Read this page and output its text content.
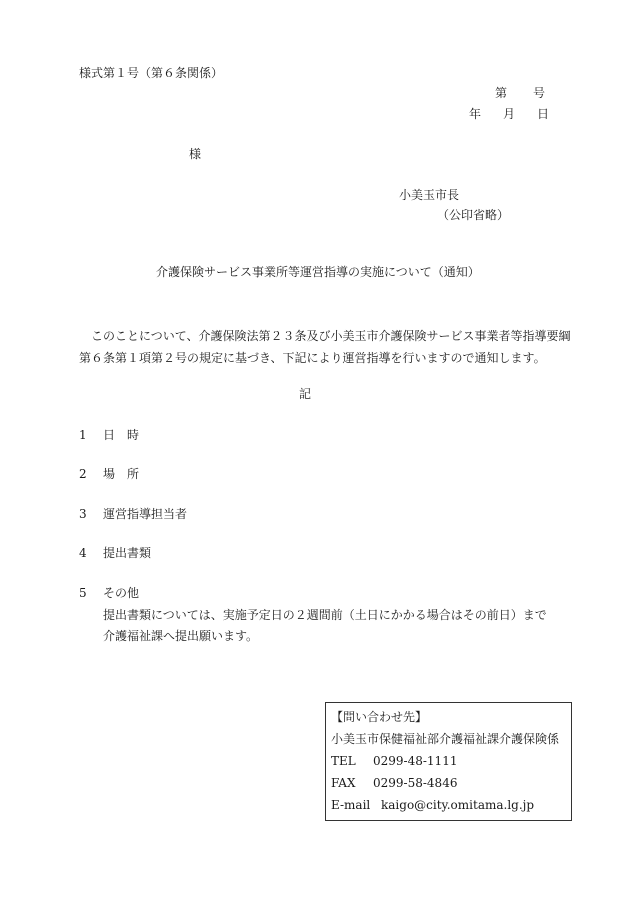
様式第１号（第６条関係）
第 号
年 月 日
様
小美玉市長
（公印省略）
介護保険サービス事業所等運営指導の実施について（通知）
このことについて、介護保険法第２３条及び小美玉市介護保険サービス事業者等指導要綱第６条第１項第２号の規定に基づき、下記により運営指導を行いますので通知します。
記
1 日時
2 場所
3 運営指導担当者
4 提出書類
5 その他
提出書類については、実施予定日の２週間前（土日にかかる場合はその前日）まで
介護福祉課へ提出願います。
【問い合わせ先】
小美玉市保健福祉部介護福祉課介護保険係
TEL 0299-48-1111
FAX 0299-58-4846
E-mail kaigo@city.omitama.lg.jp
